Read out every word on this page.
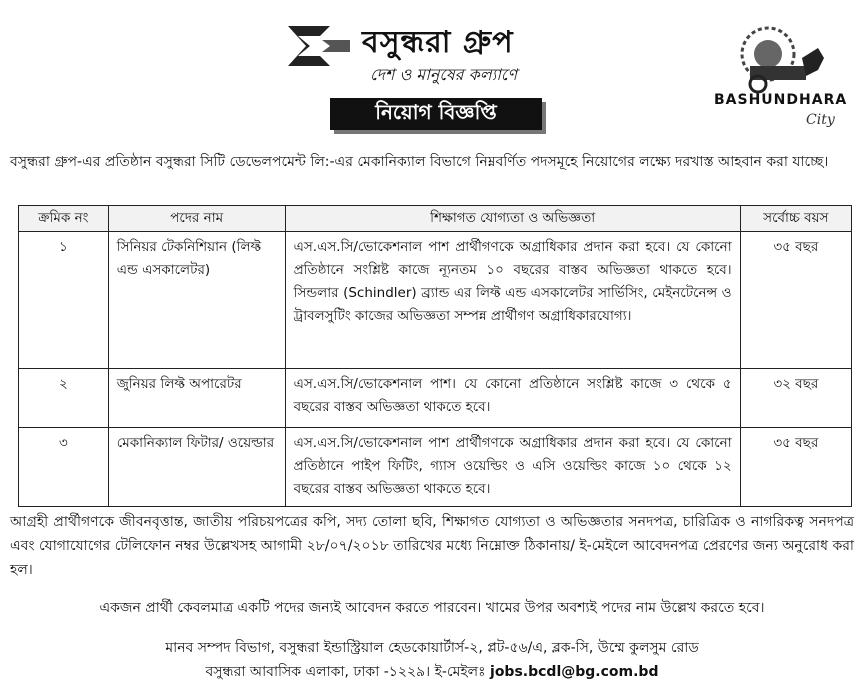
বসুন্ধরা গ্রুপ
দেশ ও মানুষের কল্যাণে
City
BASHUNDHARA
নিয়োগ বিজ্ঞপ্তি
বসুন্ধরা গ্রুপ-এর প্রতিষ্ঠান বসুন্ধরা সিটি ডেভেলপমেন্ট লি:-এর মেকানিক্যাল বিভাগে নিম্নবর্ণিত পদসমূহে নিয়োগের লক্ষ্যে দরখাস্ত আহবান করা যাচ্ছে।
ক্রমিক নং	পদের নাম	শিক্ষাগত যোগ্যতা ও অভিজ্ঞতা	সর্বোচ্চ বয়স
১	সিনিয়র টেকনিশিয়ান (লিফ্ট এন্ড এসকালেটর)	এস.এস.সি/ভোকেশনাল পাশ প্রার্থীগণকে অগ্রাধিকার প্রদান করা হবে। যে কোনো প্রতিষ্ঠানে সংশ্লিষ্ট কাজে ন্যূনতম ১০ বছরের বাস্তব অভিজ্ঞতা থাকতে হবে। সিন্ডলার (Schindler) ব্র্যান্ড এর লিফ্ট এন্ড এসকালেটর সার্ভিসিং, মেইনটেনেন্স ও ট্রাবলসুটিং কাজের অভিজ্ঞতা সম্পন্ন প্রার্থীগণ অগ্রাধিকারযোগ্য।	৩৫ বছর
২	জুনিয়র লিফ্ট অপারেটর	এস.এস.সি/ভোকেশনাল পাশ। যে কোনো প্রতিষ্ঠানে সংশ্লিষ্ট কাজে ৩ থেকে ৫ বছরের বাস্তব অভিজ্ঞতা থাকতে হবে।	৩২ বছর
৩	মেকানিক্যাল ফিটার/ ওয়েল্ডার	এস.এস.সি/ভোকেশনাল পাশ প্রার্থীগণকে অগ্রাধিকার প্রদান করা হবে। যে কোনো প্রতিষ্ঠানে পাইপ ফিটিং, গ্যাস ওয়েল্ডিং ও এসি ওয়েল্ডিং কাজে ১০ থেকে ১২ বছরের বাস্তব অভিজ্ঞতা থাকতে হবে।	৩৫ বছর
আগ্রহী প্রার্থীগণকে জীবনবৃত্তান্ত, জাতীয় পরিচয়পত্রের কপি, সদ্য তোলা ছবি, শিক্ষাগত যোগ্যতা ও অভিজ্ঞতার সনদপত্র, চারিত্রিক ও নাগরিকত্ব সনদপত্র এবং যোগাযোগের টেলিফোন নম্বর উল্লেখসহ আগামী ২৮/০৭/২০১৮ তারিখের মধ্যে নিম্নোক্ত ঠিকানায়/ ই-মেইলে আবেদনপত্র প্রেরণের জন্য অনুরোধ করা হল।
একজন প্রার্থী কেবলমাত্র একটি পদের জন্যই আবেদন করতে পারবেন। খামের উপর অবশ্যই পদের নাম উল্লেখ করতে হবে।
মানব সম্পদ বিভাগ, বসুন্ধরা ইন্ডাস্ট্রিয়াল হেডকোয়ার্টার্স-২, প্লট-৫৬/এ, ব্লক-সি, উম্মে কুলসুম রোড
বসুন্ধরা আবাসিক এলাকা, ঢাকা -১২২৯। ই-মেইলঃ jobs.bcdl@bg.com.bd
